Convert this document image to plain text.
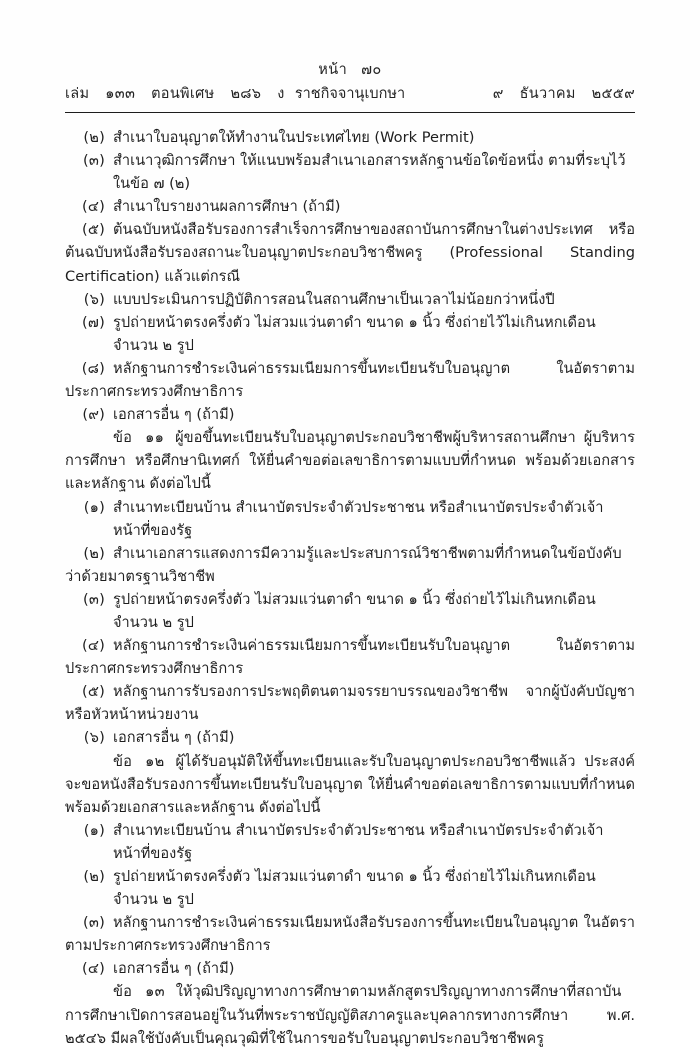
หน้า ๗๐
เล่ม ๑๓๓ ตอนพิเศษ ๒๘๖ ง	๙ ธันวาคม ๒๕๕๙
ราชกิจจานุเบกษา
(๒) สำเนาใบอนุญาตให้ทำงานในประเทศไทย (Work Permit)
(๓) สำเนาวุฒิการศึกษา ให้แนบพร้อมสำเนาเอกสารหลักฐานข้อใดข้อหนึ่ง ตามที่ระบุไว้ในข้อ ๗ (๒)
(๔) สำเนาใบรายงานผลการศึกษา (ถ้ามี)
(๕) ต้นฉบับหนังสือรับรองการสำเร็จการศึกษาของสถาบันการศึกษาในต่างประเทศ หรือต้นฉบับหนังสือรับรองสถานะใบอนุญาตประกอบวิชาชีพครู (Professional Standing Certification) แล้วแต่กรณี
(๖) แบบประเมินการปฏิบัติการสอนในสถานศึกษาเป็นเวลาไม่น้อยกว่าหนึ่งปี
(๗) รูปถ่ายหน้าตรงครึ่งตัว ไม่สวมแว่นตาดำ ขนาด ๑ นิ้ว ซึ่งถ่ายไว้ไม่เกินหกเดือน จำนวน ๒ รูป
(๘) หลักฐานการชำระเงินค่าธรรมเนียมการขึ้นทะเบียนรับใบอนุญาต ในอัตราตามประกาศกระทรวงศึกษาธิการ
(๙) เอกสารอื่น ๆ (ถ้ามี)
ข้อ ๑๑ ผู้ขอขึ้นทะเบียนรับใบอนุญาตประกอบวิชาชีพผู้บริหารสถานศึกษา ผู้บริหารการศึกษา หรือศึกษานิเทศก์ ให้ยื่นคำขอต่อเลขาธิการตามแบบที่กำหนด พร้อมด้วยเอกสารและหลักฐาน ดังต่อไปนี้
(๑) สำเนาทะเบียนบ้าน สำเนาบัตรประจำตัวประชาชน หรือสำเนาบัตรประจำตัวเจ้าหน้าที่ของรัฐ
(๒) สำเนาเอกสารแสดงการมีความรู้และประสบการณ์วิชาชีพตามที่กำหนดในข้อบังคับว่าด้วยมาตรฐานวิชาชีพ
(๓) รูปถ่ายหน้าตรงครึ่งตัว ไม่สวมแว่นตาดำ ขนาด ๑ นิ้ว ซึ่งถ่ายไว้ไม่เกินหกเดือน จำนวน ๒ รูป
(๔) หลักฐานการชำระเงินค่าธรรมเนียมการขึ้นทะเบียนรับใบอนุญาต ในอัตราตามประกาศกระทรวงศึกษาธิการ
(๕) หลักฐานการรับรองการประพฤติตนตามจรรยาบรรณของวิชาชีพ จากผู้บังคับบัญชาหรือหัวหน้าหน่วยงาน
(๖) เอกสารอื่น ๆ (ถ้ามี)
ข้อ ๑๒ ผู้ได้รับอนุมัติให้ขึ้นทะเบียนและรับใบอนุญาตประกอบวิชาชีพแล้ว ประสงค์จะขอหนังสือรับรองการขึ้นทะเบียนรับใบอนุญาต ให้ยื่นคำขอต่อเลขาธิการตามแบบที่กำหนด พร้อมด้วยเอกสารและหลักฐาน ดังต่อไปนี้
(๑) สำเนาทะเบียนบ้าน สำเนาบัตรประจำตัวประชาชน หรือสำเนาบัตรประจำตัวเจ้าหน้าที่ของรัฐ
(๒) รูปถ่ายหน้าตรงครึ่งตัว ไม่สวมแว่นตาดำ ขนาด ๑ นิ้ว ซึ่งถ่ายไว้ไม่เกินหกเดือน จำนวน ๒ รูป
(๓) หลักฐานการชำระเงินค่าธรรมเนียมหนังสือรับรองการขึ้นทะเบียนใบอนุญาต ในอัตราตามประกาศกระทรวงศึกษาธิการ
(๔) เอกสารอื่น ๆ (ถ้ามี)
ข้อ ๑๓ ให้วุฒิปริญญาทางการศึกษาตามหลักสูตรปริญญาทางการศึกษาที่สถาบันการศึกษาเปิดการสอนอยู่ในวันที่พระราชบัญญัติสภาครูและบุคลากรทางการศึกษา พ.ศ. ๒๕๔๖ มีผลใช้บังคับเป็นคุณวุฒิที่ใช้ในการขอรับใบอนุญาตประกอบวิชาชีพครู
